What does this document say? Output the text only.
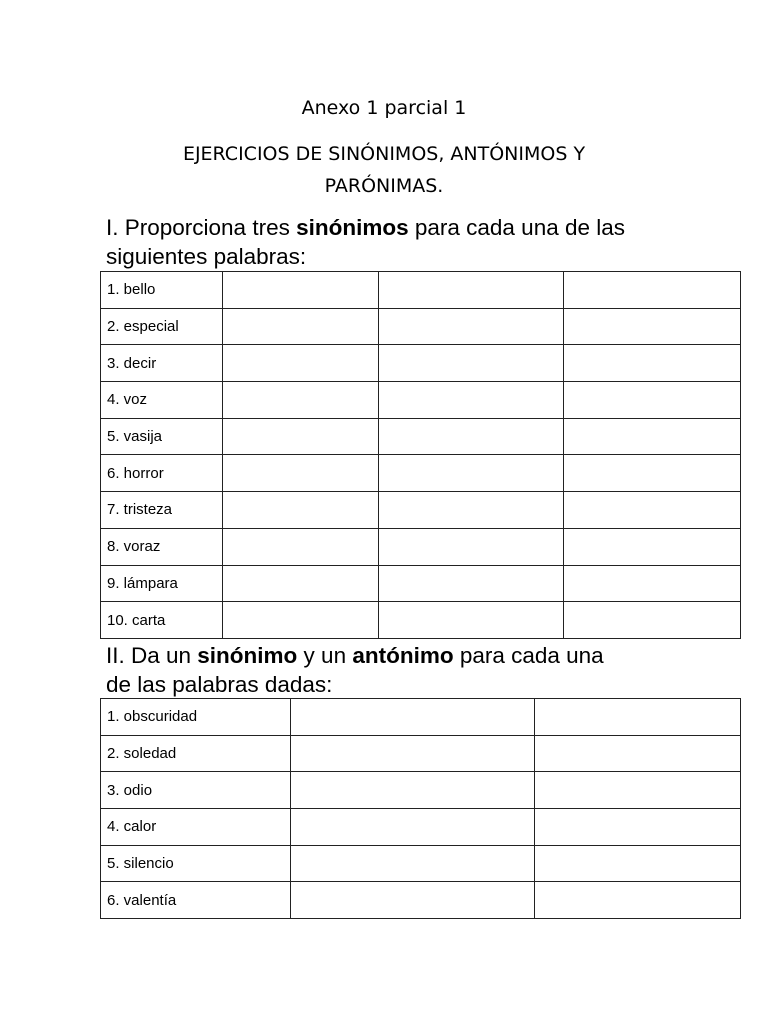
Anexo 1 parcial 1
EJERCICIOS DE SINÓNIMOS, ANTÓNIMOS Y
PARÓNIMAS.
I. Proporciona tres sinónimos para cada una de las
siguientes palabras:
1. bello			
2. especial			
3. decir			
4. voz			
5. vasija			
6. horror			
7. tristeza			
8. voraz			
9. lámpara			
10. carta			
II. Da un sinónimo y un antónimo para cada una
de las palabras dadas:
1. obscuridad		
2. soledad		
3. odio		
4. calor		
5. silencio		
6. valentía		
